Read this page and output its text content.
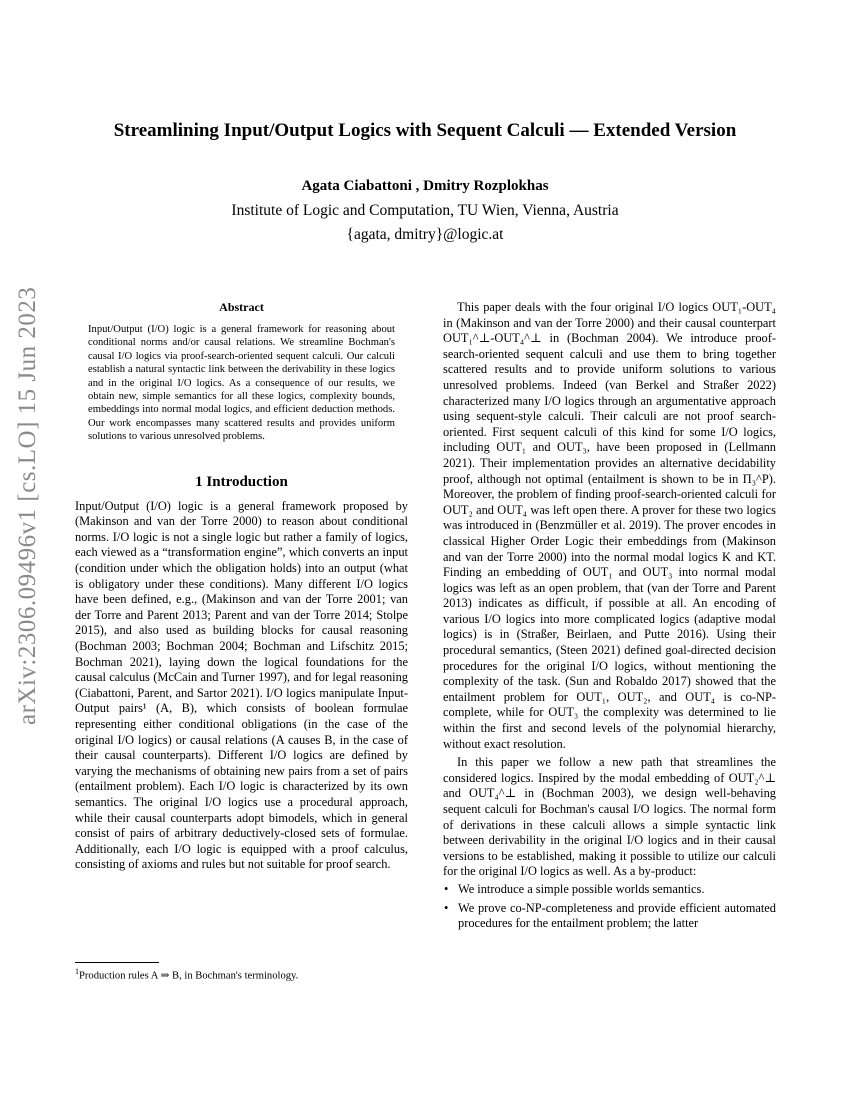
arXiv:2306.09496v1 [cs.LO] 15 Jun 2023
Streamlining Input/Output Logics with Sequent Calculi — Extended Version
Agata Ciabattoni , Dmitry Rozplokhas
Institute of Logic and Computation, TU Wien, Vienna, Austria
{agata, dmitry}@logic.at
Abstract

Input/Output (I/O) logic is a general framework for reasoning about conditional norms and/or causal relations. We streamline Bochman's causal I/O logics via proof-search-oriented sequent calculi. Our calculi establish a natural syntactic link between the derivability in these logics and in the original I/O logics. As a consequence of our results, we obtain new, simple semantics for all these logics, complexity bounds, embeddings into normal modal logics, and efficient deduction methods. Our work encompasses many scattered results and provides uniform solutions to various unresolved problems.

1 Introduction

Input/Output (I/O) logic is a general framework proposed by (Makinson and van der Torre 2000) to reason about conditional norms. I/O logic is not a single logic but rather a family of logics, each viewed as a “transformation engine”, which converts an input (condition under which the obligation holds) into an output (what is obligatory under these conditions). Many different I/O logics have been defined, e.g., (Makinson and van der Torre 2001; van der Torre and Parent 2013; Parent and van der Torre 2014; Stolpe 2015), and also used as building blocks for causal reasoning (Bochman 2003; Bochman 2004; Bochman and Lifschitz 2015; Bochman 2021), laying down the logical foundations for the causal calculus (McCain and Turner 1997), and for legal reasoning (Ciabattoni, Parent, and Sartor 2021). I/O logics manipulate Input-Output pairs¹ (A, B), which consists of boolean formulae representing either conditional obligations (in the case of the original I/O logics) or causal relations (A causes B, in the case of their causal counterparts). Different I/O logics are defined by varying the mechanisms of obtaining new pairs from a set of pairs (entailment problem). Each I/O logic is characterized by its own semantics. The original I/O logics use a procedural approach, while their causal counterparts adopt bimodels, which in general consist of pairs of arbitrary deductively-closed sets of formulae. Additionally, each I/O logic is equipped with a proof calculus, consisting of axioms and rules but not suitable for proof search.

$^1$Production rules A ⇒ B, in Bochman's terminology.

This paper deals with the four original I/O logics OUT₁-OUT₄ in (Makinson and van der Torre 2000) and their causal counterpart OUT₁^⊥-OUT₄^⊥ in (Bochman 2004). We introduce proof-search-oriented sequent calculi and use them to bring together scattered results and to provide uniform solutions to various unresolved problems. Indeed (van Berkel and Straßer 2022) characterized many I/O logics through an argumentative approach using sequent-style calculi. Their calculi are not proof search-oriented. First sequent calculi of this kind for some I/O logics, including OUT₁ and OUT₃, have been proposed in (Lellmann 2021). Their implementation provides an alternative decidability proof, although not optimal (entailment is shown to be in Π₃^P). Moreover, the problem of finding proof-search-oriented calculi for OUT₂ and OUT₄ was left open there. A prover for these two logics was introduced in (Benzmüller et al. 2019). The prover encodes in classical Higher Order Logic their embeddings from (Makinson and van der Torre 2000) into the normal modal logics K and KT. Finding an embedding of OUT₁ and OUT₃ into normal modal logics was left as an open problem, that (van der Torre and Parent 2013) indicates as difficult, if possible at all. An encoding of various I/O logics into more complicated logics (adaptive modal logics) is in (Straßer, Beirlaen, and Putte 2016). Using their procedural semantics, (Steen 2021) defined goal-directed decision procedures for the original I/O logics, without mentioning the complexity of the task. (Sun and Robaldo 2017) showed that the entailment problem for OUT₁, OUT₂, and OUT₄ is co-NP-complete, while for OUT₃ the complexity was determined to lie within the first and second levels of the polynomial hierarchy, without exact resolution.

In this paper we follow a new path that streamlines the considered logics. Inspired by the modal embedding of OUT₂^⊥ and OUT₄^⊥ in (Bochman 2003), we design well-behaving sequent calculi for Bochman's causal I/O logics. The normal form of derivations in these calculi allows a simple syntactic link between derivability in the original I/O logics and in their causal versions to be established, making it possible to utilize our calculi for the original I/O logics as well. As a by-product:

• We introduce a simple possible worlds semantics.
• We prove co-NP-completeness and provide efficient automated procedures for the entailment problem; the latter
